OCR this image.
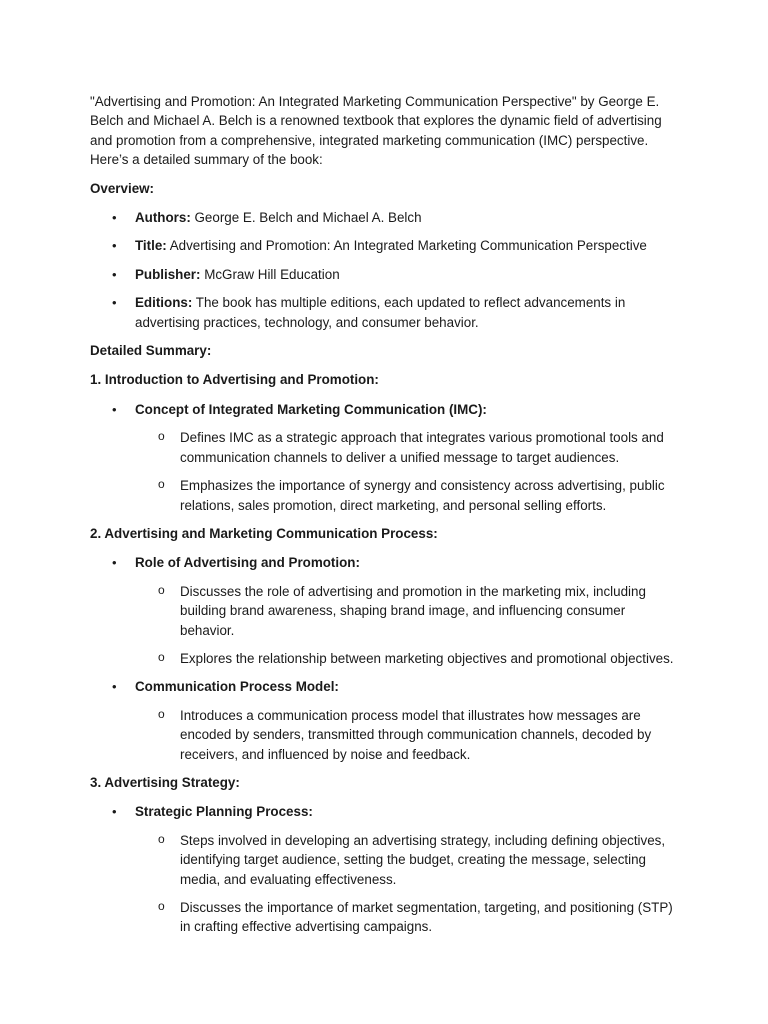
"Advertising and Promotion: An Integrated Marketing Communication Perspective" by George E. Belch and Michael A. Belch is a renowned textbook that explores the dynamic field of advertising and promotion from a comprehensive, integrated marketing communication (IMC) perspective. Here’s a detailed summary of the book:

Overview:

• Authors: George E. Belch and Michael A. Belch
• Title: Advertising and Promotion: An Integrated Marketing Communication Perspective
• Publisher: McGraw Hill Education
• Editions: The book has multiple editions, each updated to reflect advancements in advertising practices, technology, and consumer behavior.

Detailed Summary:

1. Introduction to Advertising and Promotion:

• Concept of Integrated Marketing Communication (IMC):
o Defines IMC as a strategic approach that integrates various promotional tools and communication channels to deliver a unified message to target audiences.
o Emphasizes the importance of synergy and consistency across advertising, public relations, sales promotion, direct marketing, and personal selling efforts.

2. Advertising and Marketing Communication Process:

• Role of Advertising and Promotion:
o Discusses the role of advertising and promotion in the marketing mix, including building brand awareness, shaping brand image, and influencing consumer behavior.
o Explores the relationship between marketing objectives and promotional objectives.
• Communication Process Model:
o Introduces a communication process model that illustrates how messages are encoded by senders, transmitted through communication channels, decoded by receivers, and influenced by noise and feedback.

3. Advertising Strategy:

• Strategic Planning Process:
o Steps involved in developing an advertising strategy, including defining objectives, identifying target audience, setting the budget, creating the message, selecting media, and evaluating effectiveness.
o Discusses the importance of market segmentation, targeting, and positioning (STP) in crafting effective advertising campaigns.
